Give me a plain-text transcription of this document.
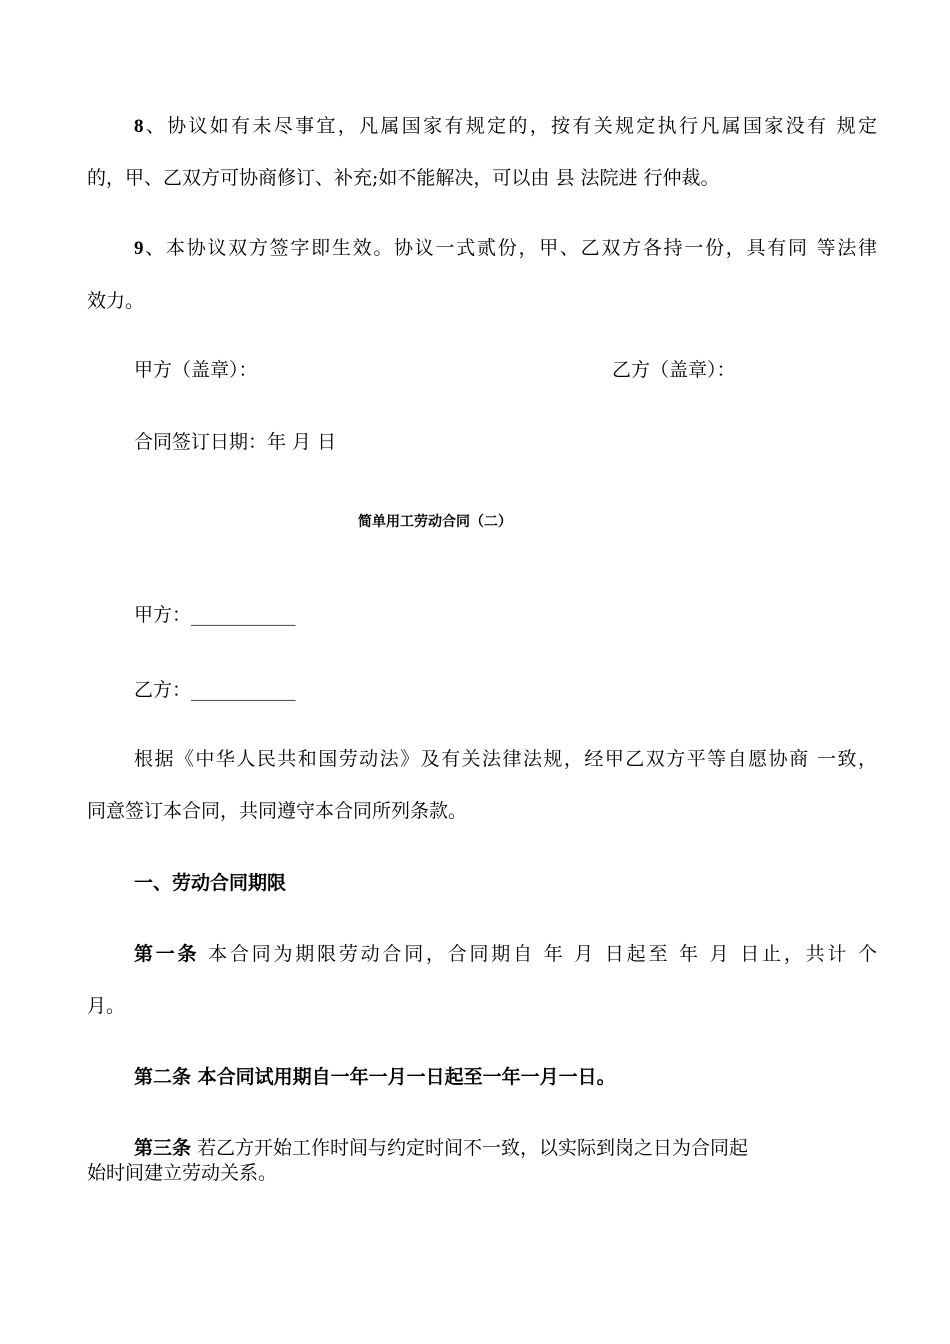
8、协议如有未尽事宜，凡属国家有规定的，按有关规定执行凡属国家没有 规定
的，甲、乙双方可协商修订、补充;如不能解决，可以由 县 法院进 行仲裁。
9、本协议双方签字即生效。协议一式贰份，甲、乙双方各持一份，具有同 等法律
效力。
甲方（盖章）：	乙方（盖章）：
合同签订日期：年 月 日
简单用工劳动合同（二）
甲方：___________
乙方：___________
根据《中华人民共和国劳动法》及有关法律法规，经甲乙双方平等自愿协商 一致，
同意签订本合同，共同遵守本合同所列条款。
一、劳动合同期限
第一条 本合同为期限劳动合同，合同期自 年 月 日起至 年 月 日止，共计 个
月。
第二条 本合同试用期自一年一月一日起至一年一月一日。
第三条 若乙方开始工作时间与约定时间不一致，以实际到岗之日为合同起
始时间建立劳动关系。
